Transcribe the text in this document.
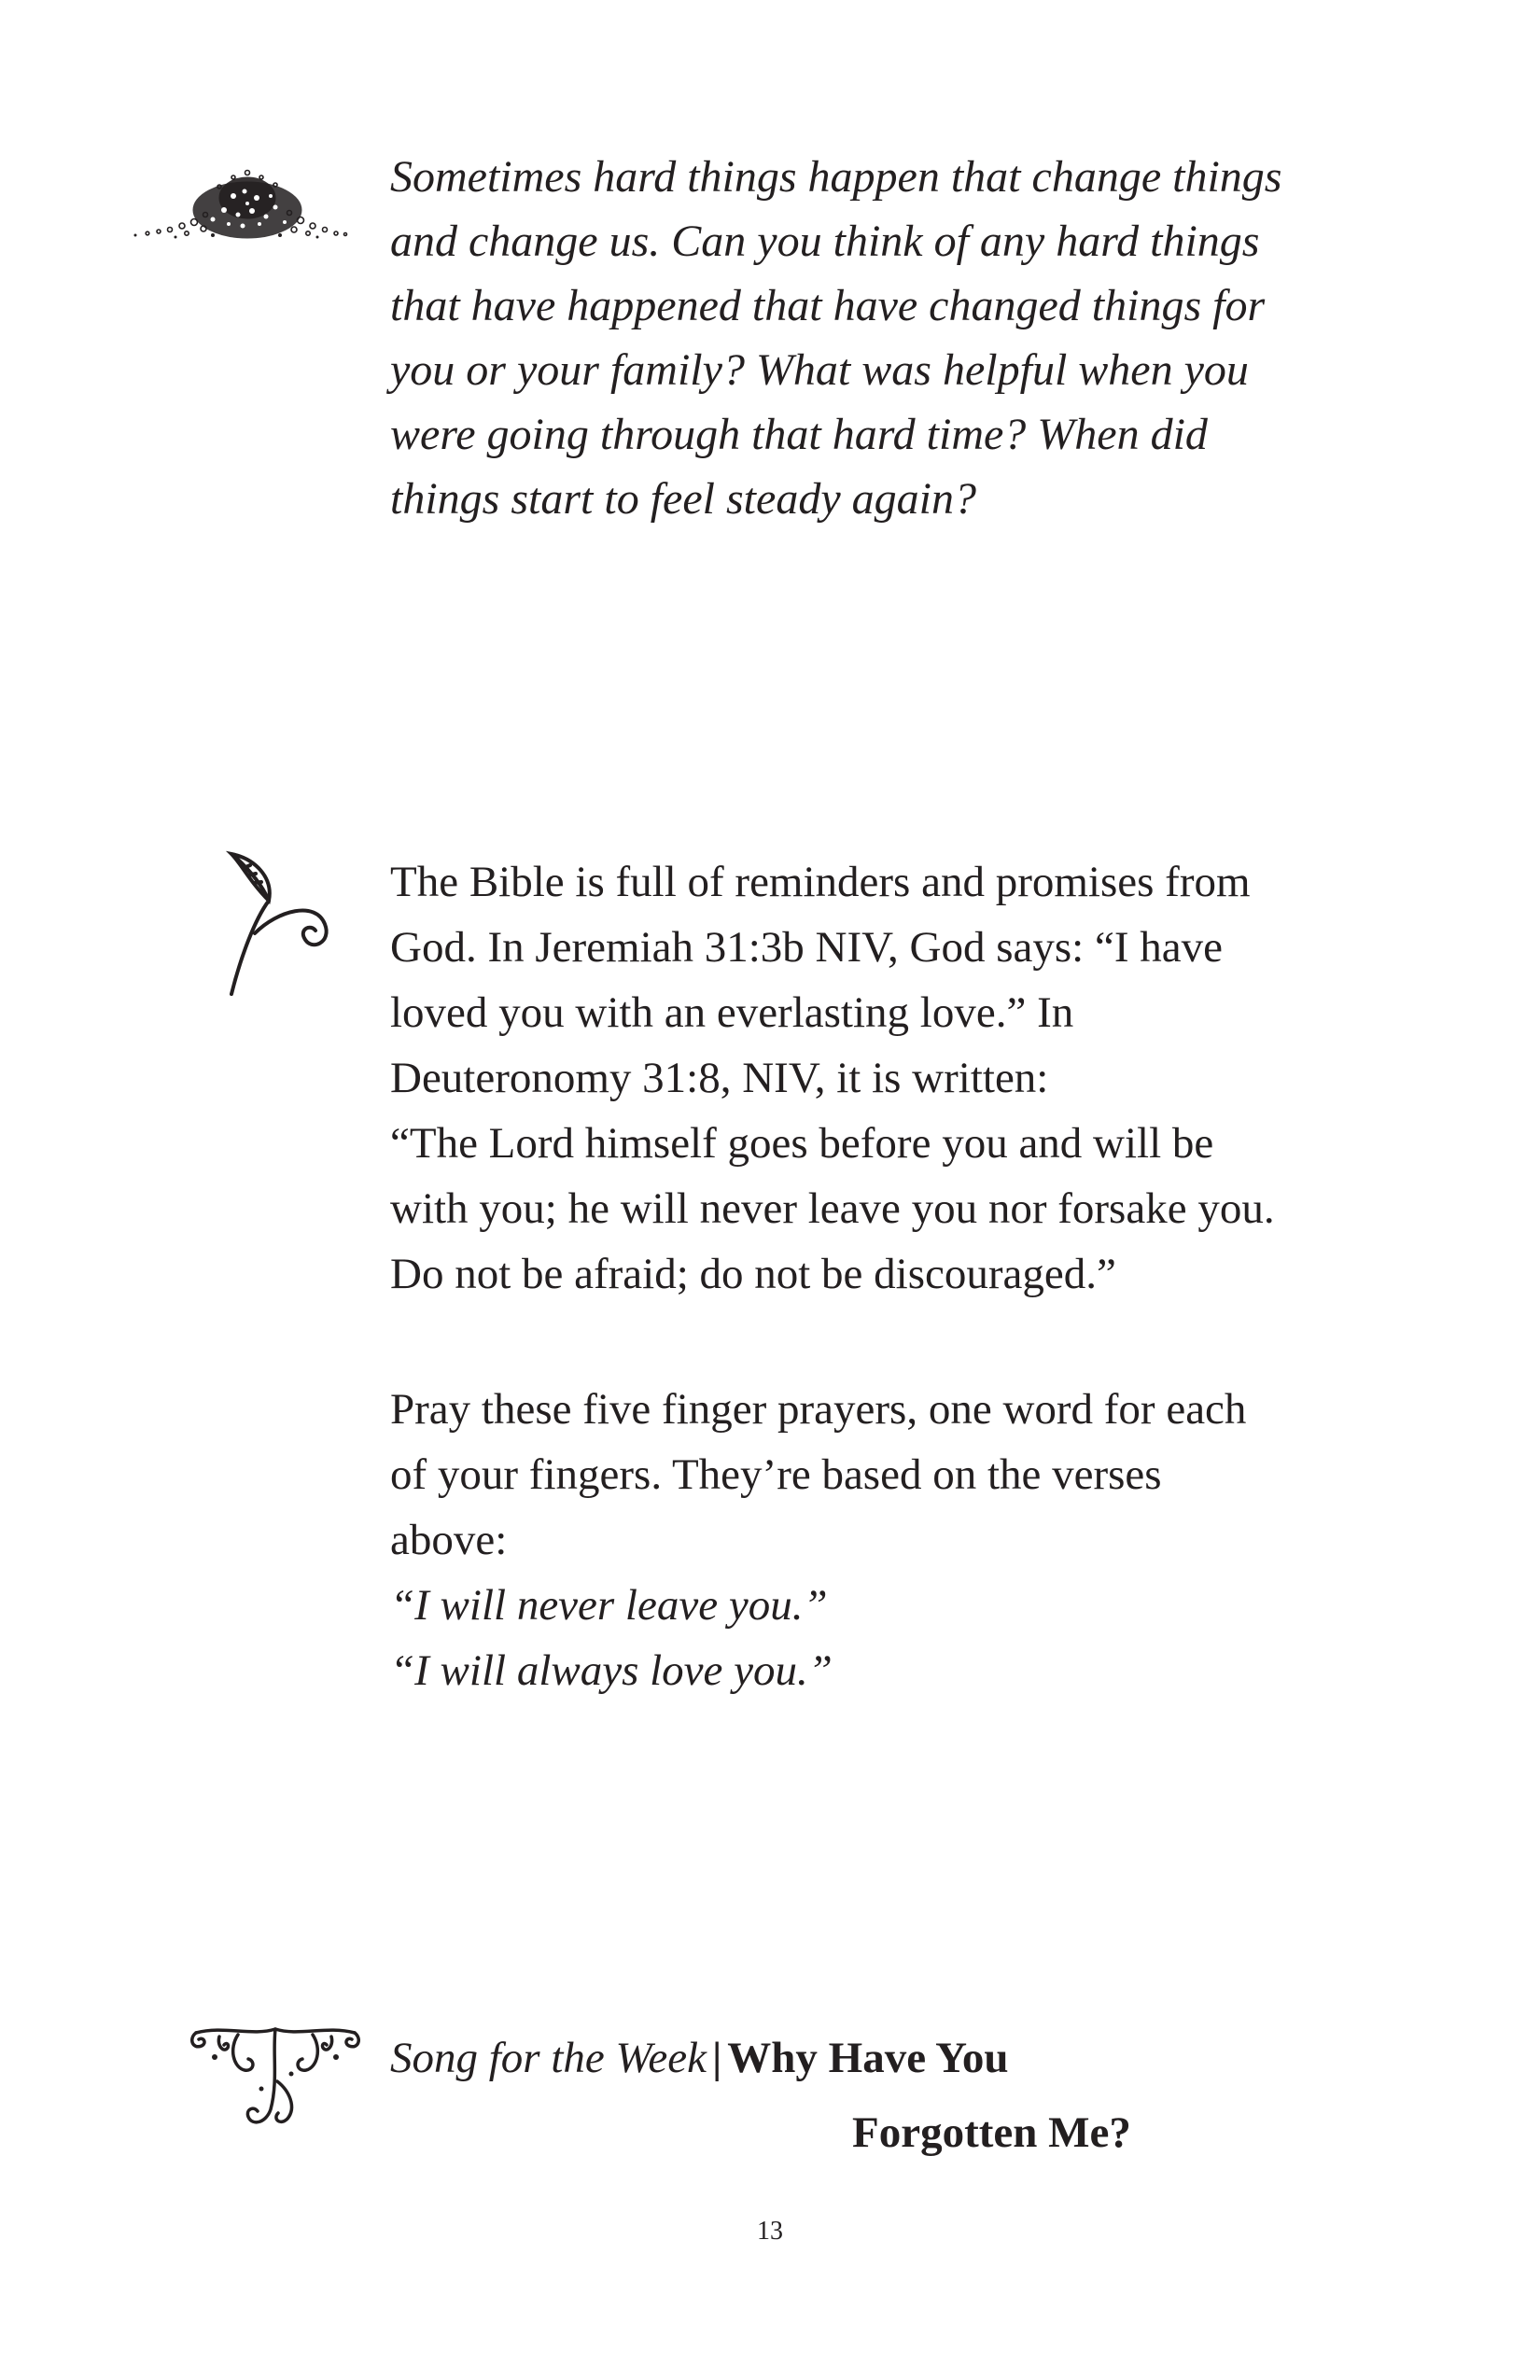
Sometimes hard things happen that change things
and change us. Can you think of any hard things
that have happened that have changed things for
you or your family? What was helpful when you
were going through that hard time? When did
things start to feel steady again?
The Bible is full of reminders and promises from
God. In Jeremiah 31:3b NIV, God says: “I have
loved you with an everlasting love.” In
Deuteronomy 31:8, NIV, it is written:
“The Lord himself goes before you and will be
with you; he will never leave you nor forsake you.
Do not be afraid; do not be discouraged.”
Pray these five finger prayers, one word for each
of your fingers. They’re based on the verses
above:
“I will never leave you.”
“I will always love you.”
Song for the Week | Why Have You
Forgotten Me?
13
